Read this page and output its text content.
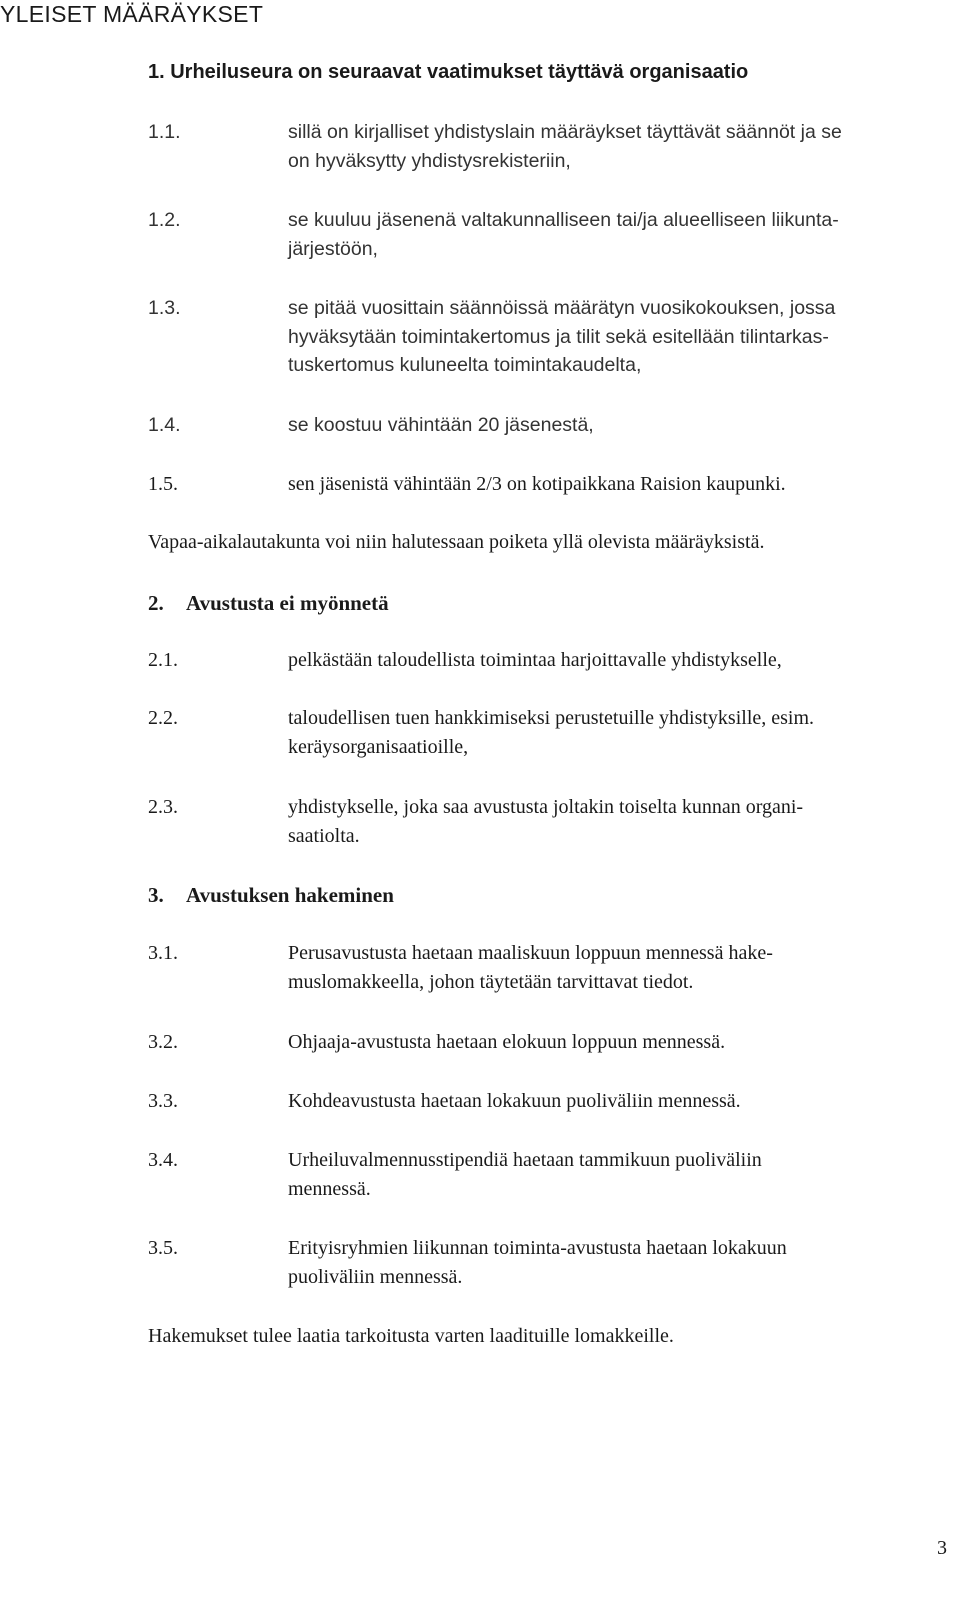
YLEISET MÄÄRÄYKSET
1. Urheiluseura on seuraavat vaatimukset täyttävä organisaatio
1.1.	sillä on kirjalliset yhdistyslain määräykset täyttävät säännöt ja se
on hyväksytty yhdistysrekisteriin,
1.2.	se kuuluu jäsenenä valtakunnalliseen tai/ja alueelliseen liikunta-
järjestöön,
1.3.	se pitää vuosittain säännöissä määrätyn vuosikokouksen, jossa
hyväksytään toimintakertomus ja tilit sekä esitellään tilintarkas-
tuskertomus kuluneelta toimintakaudelta,
1.4.	se koostuu vähintään 20 jäsenestä,
1.5.	sen jäsenistä vähintään 2/3 on kotipaikkana Raision kaupunki.
Vapaa-aikalautakunta voi niin halutessaan poiketa yllä olevista määräyksistä.
2. Avustusta ei myönnetä
2.1.	pelkästään taloudellista toimintaa harjoittavalle yhdistykselle,
2.2.	taloudellisen tuen hankkimiseksi perustetuille yhdistyksille, esim.
keräysorganisaatioille,
2.3.	yhdistykselle, joka saa avustusta joltakin toiselta kunnan organi-
saatiolta.
3. Avustuksen hakeminen
3.1.	Perusavustusta haetaan maaliskuun loppuun mennessä hake-
muslomakkeella, johon täytetään tarvittavat tiedot.
3.2.	Ohjaaja-avustusta haetaan elokuun loppuun mennessä.
3.3.	Kohdeavustusta haetaan lokakuun puoliväliin mennessä.
3.4.	Urheiluvalmennusstipendiä haetaan tammikuun puoliväliin
mennessä.
3.5.	Erityisryhmien liikunnan toiminta-avustusta haetaan lokakuun
puoliväliin mennessä.
Hakemukset tulee laatia tarkoitusta varten laadituille lomakkeille.
3
